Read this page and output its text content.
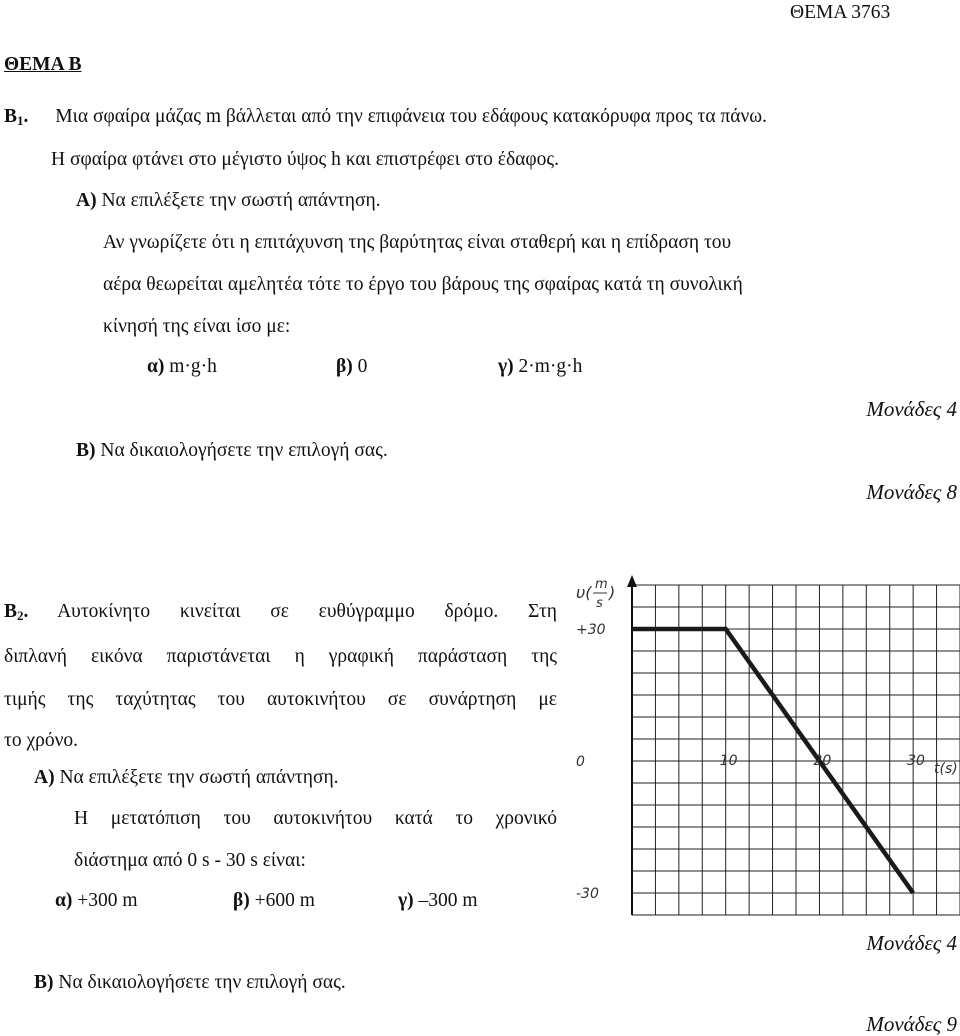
ΘΕΜΑ 3763
ΘΕΜΑ Β
$B_1$. Μια σφαίρα μάζας m βάλλεται από την επιφάνεια του εδάφους κατακόρυφα προς τα πάνω.
Η σφαίρα φτάνει στο μέγιστο ύψος h και επιστρέφει στο έδαφος.
Α) Να επιλέξετε την σωστή απάντηση.
Αν γνωρίζετε ότι η επιτάχυνση της βαρύτητας είναι σταθερή και η επίδραση του
αέρα θεωρείται αμελητέα τότε το έργο του βάρους της σφαίρας κατά τη συνολική
κίνησή της είναι ίσο με:
α) m·g·h	β) 0	γ) 2·m·g·h
Μονάδες 4
Β) Να δικαιολογήσετε την επιλογή σας.
Μονάδες 8
$B_2$. Αυτοκίνητο κινείται σε ευθύγραμμο δρόμο. Στη
διπλανή εικόνα παριστάνεται η γραφική παράσταση της
τιμής της ταχύτητας του αυτοκινήτου σε συνάρτηση με
το χρόνο.
Α) Να επιλέξετε την σωστή απάντηση.
Η μετατόπιση του αυτοκινήτου κατά το χρονικό
διάστημα από 0 s - 30 s είναι:
α) +300 m	β) +600 m	γ) ‒300 m
Μονάδες 4
Β) Να δικαιολογήσετε την επιλογή σας.
Μονάδες 9
+30
0
-30
10	20	30 t(s)
υ( m
s
)
